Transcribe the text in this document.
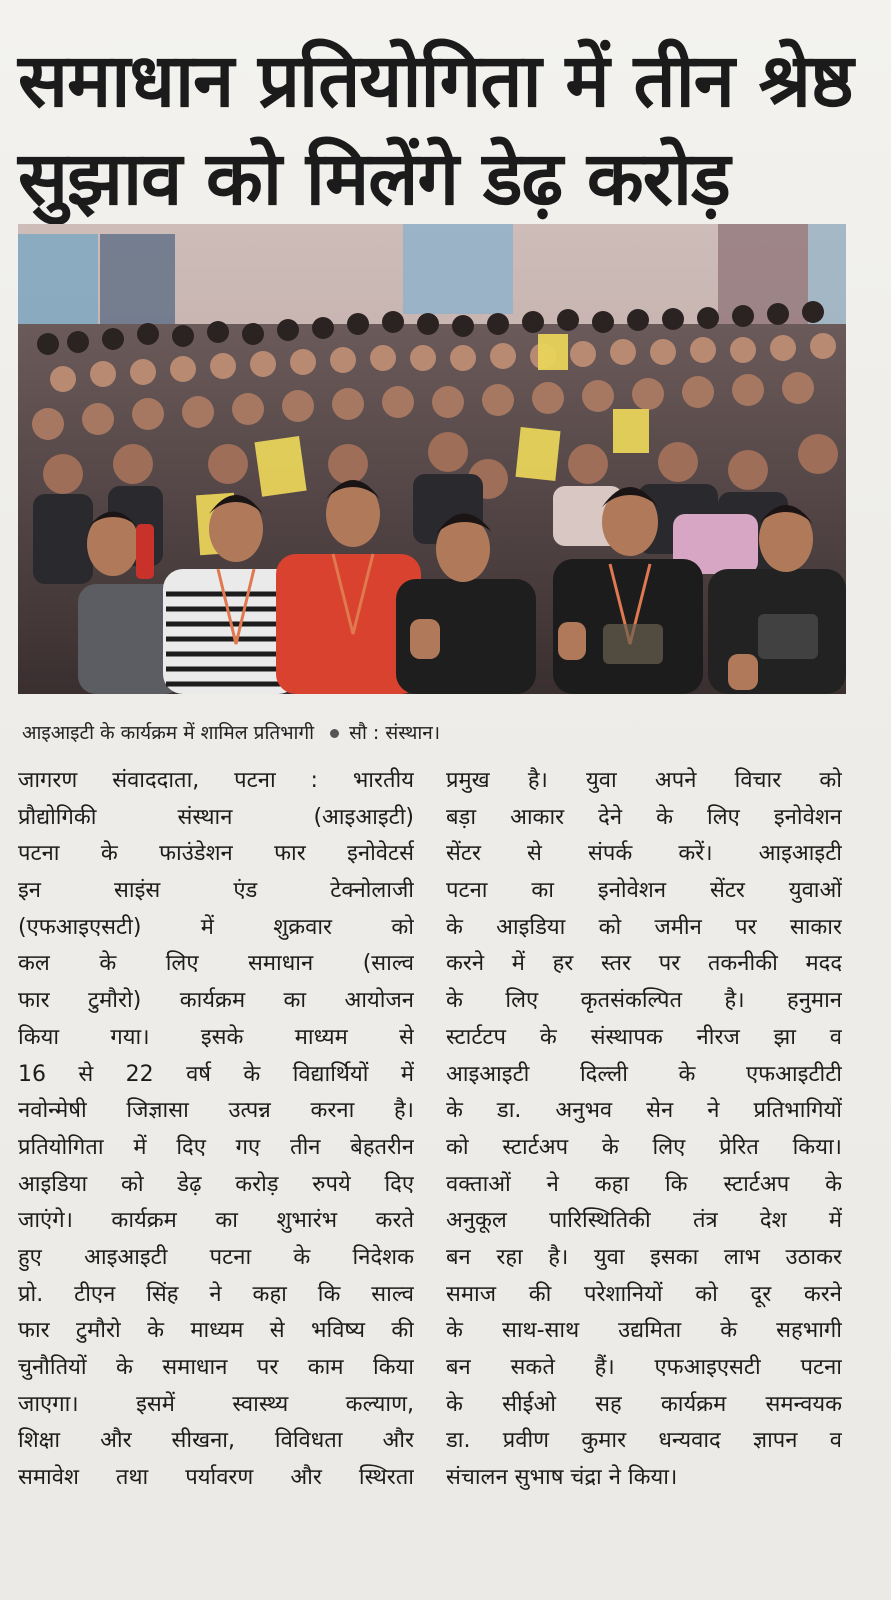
समाधान प्रतियोगिता में तीन श्रेष्ठ
सुझाव को मिलेंगे डेढ़ करोड़
आइआइटी के कार्यक्रम में शामिल प्रतिभागी सौ : संस्थान।

जागरण संवाददाता, पटना : भारतीय

प्रौद्योगिकी संस्थान (आइआइटी)

पटना के फाउंडेशन फार इनोवेटर्स

इन साइंस एंड टेक्नोलाजी

(एफआइएसटी) में शुक्रवार को

कल के लिए समाधान (साल्व

फार टुमौरो) कार्यक्रम का आयोजन

किया गया। इसके माध्यम से

16 से 22 वर्ष के विद्यार्थियों में

नवोन्मेषी जिज्ञासा उत्पन्न करना है।

प्रतियोगिता में दिए गए तीन बेहतरीन

आइडिया को डेढ़ करोड़ रुपये दिए

जाएंगे। कार्यक्रम का शुभारंभ करते

हुए आइआइटी पटना के निदेशक

प्रो. टीएन सिंह ने कहा कि साल्व

फार टुमौरो के माध्यम से भविष्य की

चुनौतियों के समाधान पर काम किया

जाएगा। इसमें स्वास्थ्य कल्याण,

शिक्षा और सीखना, विविधता और

समावेश तथा पर्यावरण और स्थिरता

प्रमुख है। युवा अपने विचार को

बड़ा आकार देने के लिए इनोवेशन

सेंटर से संपर्क करें। आइआइटी

पटना का इनोवेशन सेंटर युवाओं

के आइडिया को जमीन पर साकार

करने में हर स्तर पर तकनीकी मदद

के लिए कृतसंकल्पित है। हनुमान

स्टार्टटप के संस्थापक नीरज झा व

आइआइटी दिल्ली के एफआइटीटी

के डा. अनुभव सेन ने प्रतिभागियों

को स्टार्टअप के लिए प्रेरित किया।

वक्ताओं ने कहा कि स्टार्टअप के

अनुकूल पारिस्थितिकी तंत्र देश में

बन रहा है। युवा इसका लाभ उठाकर

समाज की परेशानियों को दूर करने

के साथ-साथ उद्यमिता के सहभागी

बन सकते हैं। एफआइएसटी पटना

के सीईओ सह कार्यक्रम समन्वयक

डा. प्रवीण कुमार धन्यवाद ज्ञापन व

संचालन सुभाष चंद्रा ने किया।
